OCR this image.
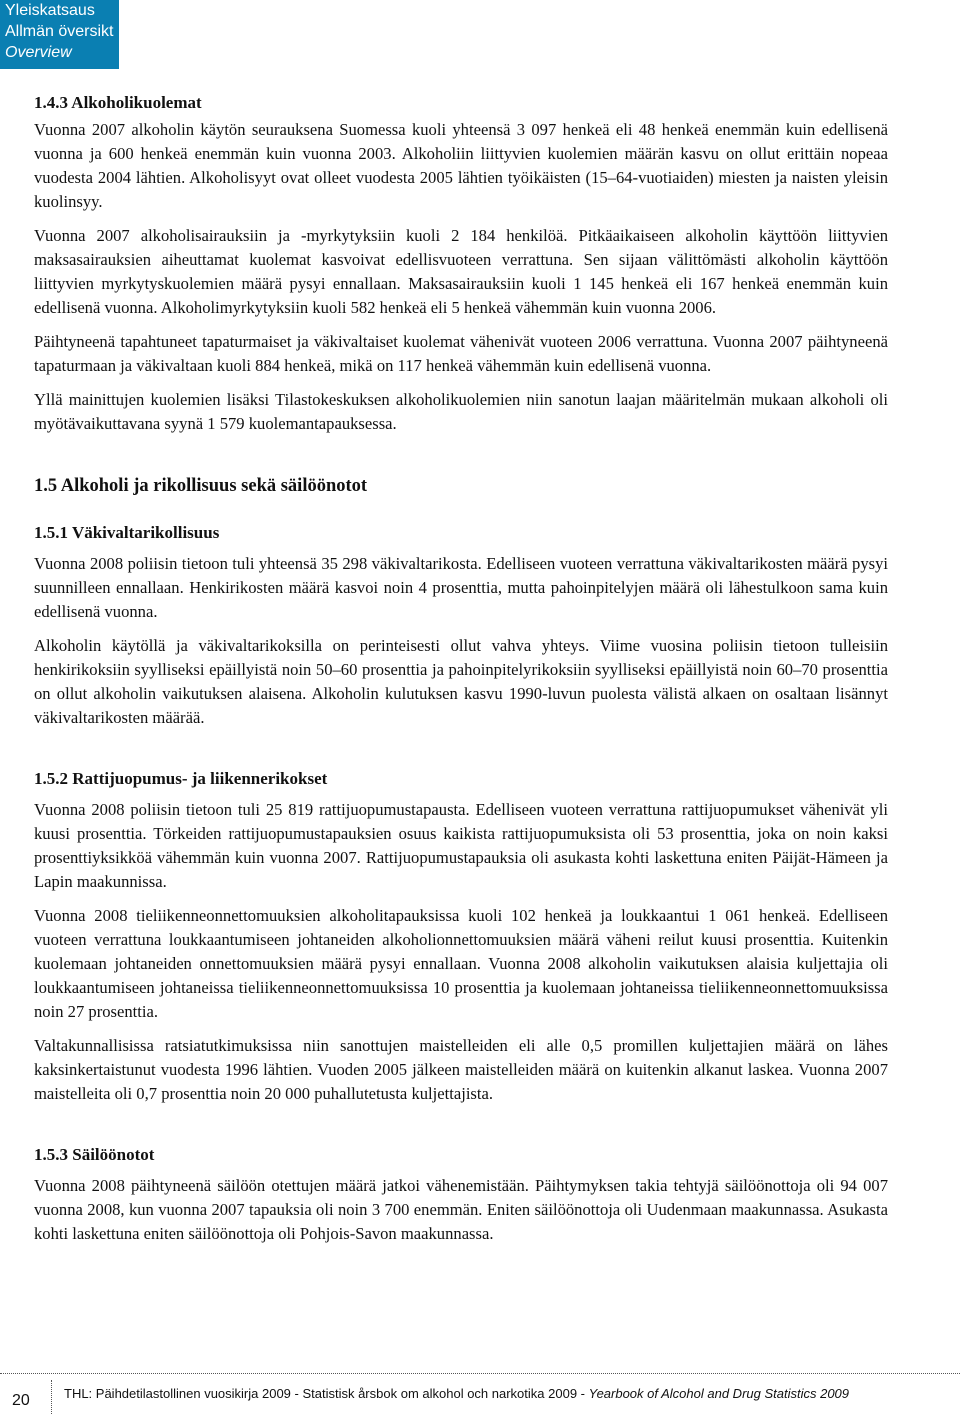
Yleiskatsaus
Allmän översikt
Overview
1.4.3 Alkoholikuolemat

Vuonna 2007 alkoholin käytön seurauksena Suomessa kuoli yhteensä 3 097 henkeä eli 48 henkeä enemmän kuin edellisenä vuonna ja 600 henkeä enemmän kuin vuonna 2003. Alkoholiin liittyvien kuolemien määrän kasvu on ollut erittäin nopeaa vuodesta 2004 lähtien. Alkoholisyyt ovat olleet vuodesta 2005 lähtien työikäisten (15–64-vuotiaiden) miesten ja naisten yleisin kuolinsyy.

Vuonna 2007 alkoholisairauksiin ja -myrkytyksiin kuoli 2 184 henkilöä. Pitkäaikaiseen alkoholin käyttöön liittyvien maksasairauksien aiheuttamat kuolemat kasvoivat edellisvuoteen verrattuna. Sen sijaan välittömästi alkoholin käyttöön liittyvien myrkytyskuolemien määrä pysyi ennallaan. Maksasairauksiin kuoli 1 145 henkeä eli 167 henkeä enemmän kuin edellisenä vuonna. Alkoholimyrkytyksiin kuoli 582 henkeä eli 5 henkeä vähemmän kuin vuonna 2006.

Päihtyneenä tapahtuneet tapaturmaiset ja väkivaltaiset kuolemat vähenivät vuoteen 2006 verrattuna. Vuonna 2007 päihtyneenä tapaturmaan ja väkivaltaan kuoli 884 henkeä, mikä on 117 henkeä vähemmän kuin edellisenä vuonna.

Yllä mainittujen kuolemien lisäksi Tilastokeskuksen alkoholikuolemien niin sanotun laajan määritelmän mukaan alkoholi oli myötävaikuttavana syynä 1 579 kuolemantapauksessa.

1.5 Alkoholi ja rikollisuus sekä säilöönotot
1.5.1 Väkivaltarikollisuus

Vuonna 2008 poliisin tietoon tuli yhteensä 35 298 väkivaltarikosta. Edelliseen vuoteen verrattuna väkivaltarikosten määrä pysyi suunnilleen ennallaan. Henkirikosten määrä kasvoi noin 4 prosenttia, mutta pahoinpitelyjen määrä oli lähestulkoon sama kuin edellisenä vuonna.

Alkoholin käytöllä ja väkivaltarikoksilla on perinteisesti ollut vahva yhteys. Viime vuosina poliisin tietoon tulleisiin henkirikoksiin syylliseksi epäillyistä noin 50–60 prosenttia ja pahoinpitelyrikoksiin syylliseksi epäillyistä noin 60–70 prosenttia on ollut alkoholin vaikutuksen alaisena. Alkoholin kulutuksen kasvu 1990-luvun puolesta välistä alkaen on osaltaan lisännyt väkivaltarikosten määrää.

1.5.2 Rattijuopumus- ja liikennerikokset

Vuonna 2008 poliisin tietoon tuli 25 819 rattijuopumustapausta. Edelliseen vuoteen verrattuna rattijuopumukset vähenivät yli kuusi prosenttia. Törkeiden rattijuopumustapauksien osuus kaikista rattijuopumuksista oli 53 prosenttia, joka on noin kaksi prosenttiyksikköä vähemmän kuin vuonna 2007. Rattijuopumustapauksia oli asukasta kohti laskettuna eniten Päijät-Hämeen ja Lapin maakunnissa.

Vuonna 2008 tieliikenneonnettomuuksien alkoholitapauksissa kuoli 102 henkeä ja loukkaantui 1 061 henkeä. Edelliseen vuoteen verrattuna loukkaantumiseen johtaneiden alkoholionnettomuuksien määrä väheni reilut kuusi prosenttia. Kuitenkin kuolemaan johtaneiden onnettomuuksien määrä pysyi ennallaan. Vuonna 2008 alkoholin vaikutuksen alaisia kuljettajia oli loukkaantumiseen johtaneissa tieliikenneonnettomuuksissa 10 prosenttia ja kuolemaan johtaneissa tieliikenneonnettomuuksissa noin 27 prosenttia.

Valtakunnallisissa ratsiatutkimuksissa niin sanottujen maistelleiden eli alle 0,5 promillen kuljettajien määrä on lähes kaksinkertaistunut vuodesta 1996 lähtien. Vuoden 2005 jälkeen maistelleiden määrä on kuitenkin alkanut laskea. Vuonna 2007 maistelleita oli 0,7 prosenttia noin 20 000 puhallutetusta kuljettajista.

1.5.3 Säilöönotot

Vuonna 2008 päihtyneenä säilöön otettujen määrä jatkoi vähenemistään. Päihtymyksen takia tehtyjä säilöönottoja oli 94 007 vuonna 2008, kun vuonna 2007 tapauksia oli noin 3 700 enemmän. Eniten säilöönottoja oli Uudenmaan maakunnassa. Asukasta kohti laskettuna eniten säilöönottoja oli Pohjois-Savon maakunnassa.

20	THL: Päihdetilastollinen vuosikirja 2009 - Statistisk årsbok om alkohol och narkotika 2009 - Yearbook of Alcohol and Drug Statistics 2009
